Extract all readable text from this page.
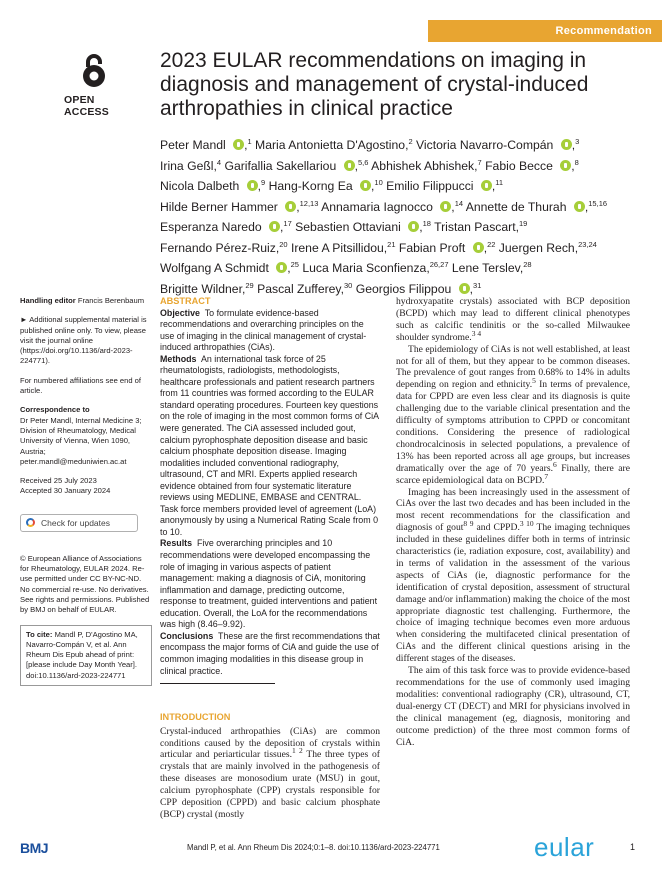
Recommendation
OPEN ACCESS
2023 EULAR recommendations on imaging in diagnosis and management of crystal-induced arthropathies in clinical practice
Peter Mandl ,$^1$ Maria Antonietta D'Agostino,$^2$ Victoria Navarro-Compán ,$^3$
Irina Geßl,$^4$ Garifallia Sakellariou ,$^{5,6}$ Abhishek Abhishek,$^7$ Fabio Becce ,$^8$
Nicola Dalbeth ,$^9$ Hang-Korng Ea ,$^{10}$ Emilio Filippucci ,$^{11}$
Hilde Berner Hammer ,$^{12,13}$ Annamaria Iagnocco ,$^{14}$ Annette de Thurah ,$^{15,16}$
Esperanza Naredo ,$^{17}$ Sebastien Ottaviani ,$^{18}$ Tristan Pascart,$^{19}$
Fernando Pérez-Ruiz,$^{20}$ Irene A Pitsillidou,$^{21}$ Fabian Proft ,$^{22}$ Juergen Rech,$^{23,24}$
Wolfgang A Schmidt ,$^{25}$ Luca Maria Sconfienza,$^{26,27}$ Lene Terslev,$^{28}$
Brigitte Wildner,$^{29}$ Pascal Zufferey,$^{30}$ Georgios Filippou ,$^{31}$

Handling editor Francis Berenbaum

► Additional supplemental material is published online only. To view, please visit the journal online (https://doi.org/10.1136/ard-2023-224771).

For numbered affiliations see end of article.

Correspondence to

Dr Peter Mandl, Internal Medicine 3; Division of Rheumatology, Medical University of Vienna, Wien 1090, Austria; peter.mandl@meduniwien.ac.at

Received 25 July 2023

Accepted 30 January 2024

Check for updates

© European Alliance of Associations for Rheumatology, EULAR 2024. Re-use permitted under CC BY-NC-ND. No commercial re-use. No derivatives. See rights and permissions. Published by BMJ on behalf of EULAR.

To cite: Mandl P, D'Agostino MA, Navarro-Compán V, et al. Ann Rheum Dis Epub ahead of print: [please include Day Month Year]. doi:10.1136/ard-2023-224771

ABSTRACT

Objective To formulate evidence-based recommendations and overarching principles on the use of imaging in the clinical management of crystal-induced arthropathies (CiAs).

Methods An international task force of 25 rheumatologists, radiologists, methodologists, healthcare professionals and patient research partners from 11 countries was formed according to the EULAR standard operating procedures. Fourteen key questions on the role of imaging in the most common forms of CiA were generated. The CiA assessed included gout, calcium pyrophosphate deposition disease and basic calcium phosphate deposition disease. Imaging modalities included conventional radiography, ultrasound, CT and MRI. Experts applied research evidence obtained from four systematic literature reviews using MEDLINE, EMBASE and CENTRAL. Task force members provided level of agreement (LoA) anonymously by using a Numerical Rating Scale from 0 to 10.

Results Five overarching principles and 10 recommendations were developed encompassing the role of imaging in various aspects of patient management: making a diagnosis of CiA, monitoring inflammation and damage, predicting outcome, response to treatment, guided interventions and patient education. Overall, the LoA for the recommendations was high (8.46–9.92).

Conclusions These are the first recommendations that encompass the major forms of CiA and guide the use of common imaging modalities in this disease group in clinical practice.

INTRODUCTION

Crystal-induced arthropathies (CiAs) are common conditions caused by the deposition of crystals within articular and periarticular tissues.$^{1 2}$ The three types of crystals that are mainly involved in the pathogenesis of these diseases are monosodium urate (MSU) in gout, calcium pyrophosphate (CPP) crystals responsible for CPP deposition (CPPD) and basic calcium phosphate (BCP) crystal (mostly

hydroxyapatite crystals) associated with BCP deposition (BCPD) which may lead to different clinical phenotypes such as calcific tendinitis or the so-called Milwaukee shoulder syndrome.$^{3 4}$

The epidemiology of CiAs is not well established, at least not for all of them, but they appear to be common diseases. The prevalence of gout ranges from 0.68% to 14% in adults depending on region and ethnicity.$^5$ In terms of prevalence, data for CPPD are even less clear and its diagnosis is quite challenging due to the variable clinical presentation and the difficulty of symptoms attribution to CPPD or concomitant conditions. Considering the presence of radiological chondrocalcinosis in selected populations, a prevalence of 13% has been reported across all age groups, but increases dramatically over the age of 70 years.$^6$ Finally, there are scarce epidemiological data on BCPD.$^7$

Imaging has been increasingly used in the assessment of CiAs over the last two decades and has been included in the most recent recommendations for the classification and diagnosis of gout$^{8 9}$ and CPPD.$^{3 10}$ The imaging techniques included in these guidelines differ both in terms of intrinsic characteristics (ie, radiation exposure, cost, availability) and in terms of validation in the assessment of the various aspects of CiAs (ie, diagnostic performance for the identification of crystal deposition, assessment of structural damage and/or inflammation) making the choice of the most appropriate diagnostic test challenging. Furthermore, the choice of imaging technique becomes even more arduous when considering the multifaceted clinical presentation of CiAs and the different clinical questions arising in the different stages of the diseases.

The aim of this task force was to provide evidence-based recommendations for the use of commonly used imaging modalities: conventional radiography (CR), ultrasound, CT, dual-energy CT (DECT) and MRI for physicians involved in the clinical management (eg, diagnosis, monitoring and outcome prediction) of the three most common forms of CiA.

BMJ	Mandl P, et al. Ann Rheum Dis 2024;0:1–8. doi:10.1136/ard-2023-224771	eular	1
